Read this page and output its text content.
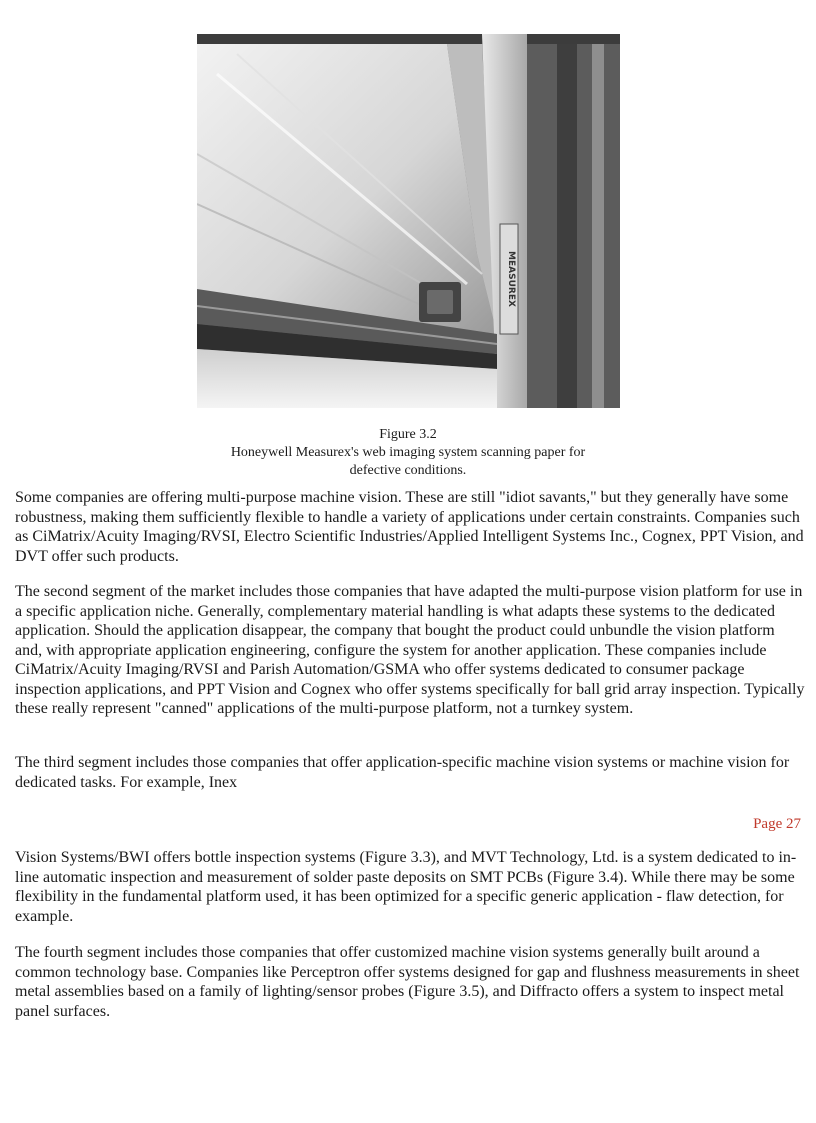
MEASUREX
Figure 3.2
Honeywell Measurex's web imaging system scanning paper for
defective conditions.

Some companies are offering multi-purpose machine vision. These are still "idiot savants," but they generally have some robustness, making them sufficiently flexible to handle a variety of applications under certain constraints. Companies such as CiMatrix/Acuity Imaging/RVSI, Electro Scientific Industries/Applied Intelligent Systems Inc., Cognex, PPT Vision, and DVT offer such products.

The second segment of the market includes those companies that have adapted the multi-purpose vision platform for use in a specific application niche. Generally, complementary material handling is what adapts these systems to the dedicated application. Should the application disappear, the company that bought the product could unbundle the vision platform and, with appropriate application engineering, configure the system for another application. These companies include CiMatrix/Acuity Imaging/RVSI and Parish Automation/GSMA who offer systems dedicated to consumer package inspection applications, and PPT Vision and Cognex who offer systems specifically for ball grid array inspection. Typically these really represent "canned" applications of the multi-purpose platform, not a turnkey system.

The third segment includes those companies that offer application-specific machine vision systems or machine vision for dedicated tasks. For example, Inex

Page 27

Vision Systems/BWI offers bottle inspection systems (Figure 3.3), and MVT Technology, Ltd. is a system dedicated to in-line automatic inspection and measurement of solder paste deposits on SMT PCBs (Figure 3.4). While there may be some flexibility in the fundamental platform used, it has been optimized for a specific generic application - flaw detection, for example.

The fourth segment includes those companies that offer customized machine vision systems generally built around a common technology base. Companies like Perceptron offer systems designed for gap and flushness measurements in sheet metal assemblies based on a family of lighting/sensor probes (Figure 3.5), and Diffracto offers a system to inspect metal panel surfaces.
